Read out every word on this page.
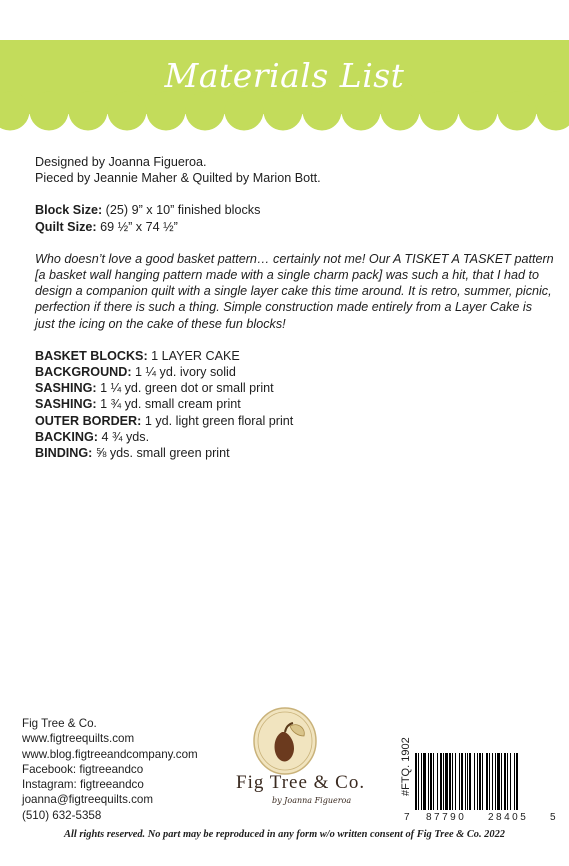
Materials List

Designed by Joanna Figueroa.

Pieced by Jeannie Maher & Quilted by Marion Bott.

Block Size: (25) 9” x 10” finished blocks

Quilt Size: 69 ½” x 74 ½”

Who doesn’t love a good basket pattern… certainly not me! Our A TISKET A TASKET pattern [a basket wall hanging pattern made with a single charm pack] was such a hit, that I had to design a companion quilt with a single layer cake this time around. It is retro, summer, picnic, perfection if there is such a thing. Simple construction made entirely from a Layer Cake is just the icing on the cake of these fun blocks!

BASKET BLOCKS: 1 LAYER CAKE

BACKGROUND: 1 ¼ yd. ivory solid

SASHING: 1 ¼ yd. green dot or small print

SASHING: 1 ¾ yd. small cream print

OUTER BORDER: 1 yd. light green floral print

BACKING: 4 ¾ yds.

BINDING: ⅝ yds. small green print

Fig Tree & Co.
www.figtreequilts.com
www.blog.figtreeandcompany.com
Facebook: figtreeandco
Instagram: figtreeandco
joanna@figtreequilts.com
(510) 632-5358
Fig Tree & Co.
by Joanna Figueroa
#FTQ. 1902
7 87790 28405 5
All rights reserved. No part may be reproduced in any form w/o written consent of Fig Tree & Co. 2022
